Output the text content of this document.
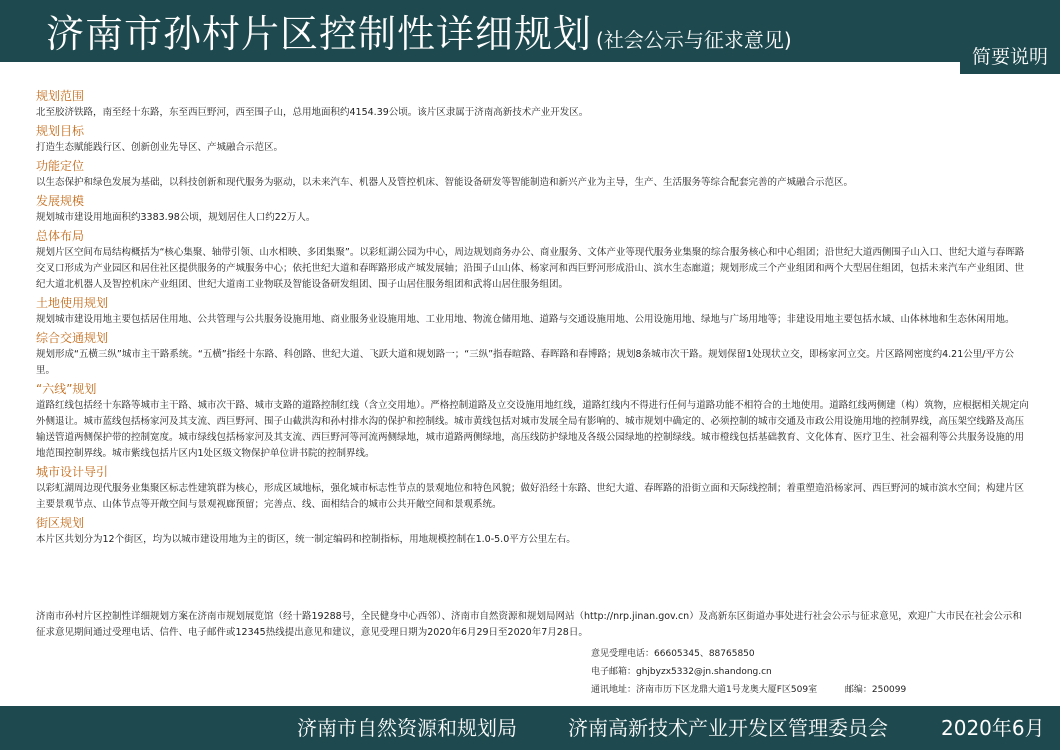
济南市孙村片区控制性详细规划 (社会公示与征求意见)
简要说明
规划范围

北至胶济铁路，南至经十东路，东至西巨野河，西至围子山，总用地面积约4154.39公顷。该片区隶属于济南高新技术产业开发区。

规划目标

打造生态赋能践行区、创新创业先导区、产城融合示范区。

功能定位

以生态保护和绿色发展为基础，以科技创新和现代服务为驱动，以未来汽车、机器人及管控机床、智能设备研发等智能制造和新兴产业为主导，生产、生活服务等综合配套完善的产城融合示范区。

发展规模

规划城市建设用地面积约3383.98公顷，规划居住人口约22万人。

总体布局

规划片区空间布局结构概括为“核心集聚、轴带引领、山水相映、多团集聚”。以彩虹湖公园为中心，周边规划商务办公、商业服务、文体产业等现代服务业集聚的综合服务核心和中心组团；沿世纪大道西侧围子山入口、世纪大道与春晖路交叉口形成为产业园区和居住社区提供服务的产城服务中心；依托世纪大道和春晖路形成产城发展轴；沿围子山山体、杨家河和西巨野河形成沿山、滨水生态廊道；规划形成三个产业组团和两个大型居住组团，包括未来汽车产业组团、世纪大道北机器人及智控机床产业组团、世纪大道南工业物联及智能设备研发组团、围子山居住服务组团和武将山居住服务组团。

土地使用规划

规划城市建设用地主要包括居住用地、公共管理与公共服务设施用地、商业服务业设施用地、工业用地、物流仓储用地、道路与交通设施用地、公用设施用地、绿地与广场用地等；非建设用地主要包括水域、山体林地和生态休闲用地。

综合交通规划

规划形成“五横三纵”城市主干路系统。“五横”指经十东路、科创路、世纪大道、飞跃大道和规划路一；“三纵”指春暄路、春晖路和春博路；规划8条城市次干路。规划保留1处现状立交，即杨家河立交。片区路网密度约4.21公里/平方公里。

“六线”规划

道路红线包括经十东路等城市主干路、城市次干路、城市支路的道路控制红线（含立交用地）。严格控制道路及立交设施用地红线，道路红线内不得进行任何与道路功能不相符合的土地使用。道路红线两侧建（构）筑物，应根据相关规定向外侧退让。城市蓝线包括杨家河及其支流、西巨野河、围子山截洪沟和孙村排水沟的保护和控制线。城市黄线包括对城市发展全局有影响的、城市规划中确定的、必须控制的城市交通及市政公用设施用地的控制界线，高压架空线路及高压输送管道两侧保护带的控制宽度。城市绿线包括杨家河及其支流、西巨野河等河流两侧绿地，城市道路两侧绿地，高压线防护绿地及各级公园绿地的控制绿线。城市橙线包括基础教育、文化体育、医疗卫生、社会福利等公共服务设施的用地范围控制界线。城市紫线包括片区内1处区级文物保护单位讲书院的控制界线。

城市设计导引

以彩虹湖周边现代服务业集聚区标志性建筑群为核心，形成区域地标，强化城市标志性节点的景观地位和特色风貌；做好沿经十东路、世纪大道、春晖路的沿街立面和天际线控制；着重塑造沿杨家河、西巨野河的城市滨水空间；构建片区主要景观节点、山体节点等开敞空间与景观视廊预留；完善点、线、面相结合的城市公共开敞空间和景观系统。

街区规划

本片区共划分为12个街区，均为以城市建设用地为主的街区，统一制定编码和控制指标，用地规模控制在1.0-5.0平方公里左右。

济南市孙村片区控制性详细规划方案在济南市规划展览馆（经十路19288号，全民健身中心西邻）、济南市自然资源和规划局网站（http://nrp.jinan.gov.cn）及高新东区街道办事处进行社会公示与征求意见，欢迎广大市民在社会公示和征求意见期间通过受理电话、信件、电子邮件或12345热线提出意见和建议，意见受理日期为2020年6月29日至2020年7月28日。
意见受理电话：66605345、88765850
电子邮箱：ghjbyzx5332@jn.shandong.cn
通讯地址：济南市历下区龙鼎大道1号龙奥大厦F区509室	邮编：250099
济南市自然资源和规划局	济南高新技术产业开发区管理委员会	2020年6月
